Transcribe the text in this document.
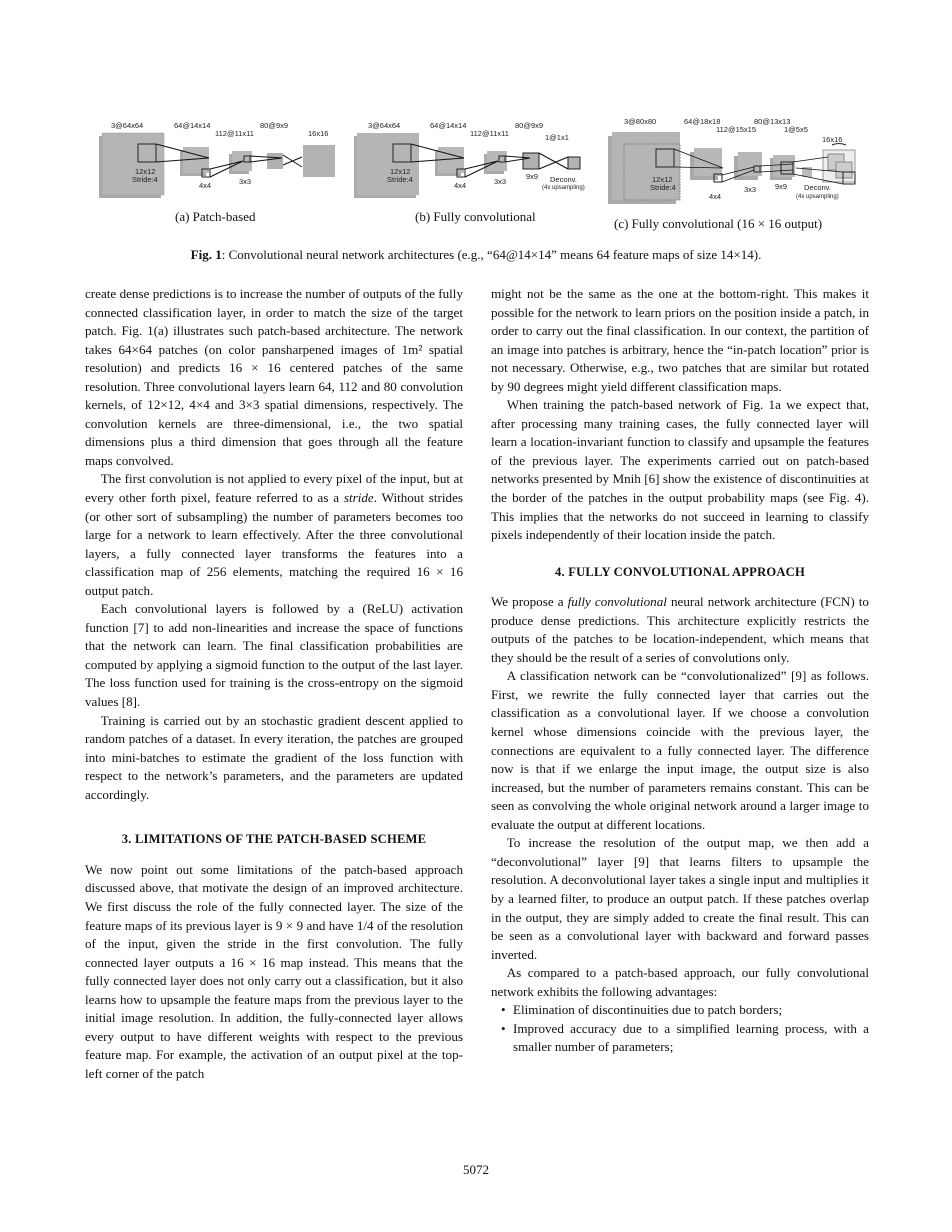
3@64x64	64@14x14
112@11x11
80@9x9
16x16
12x12
Stride:4
4x4	3x3
(a) Patch-based
3@64x64	64@14x14
112@11x11
80@9x9
1@1x1
12x12
Stride:4
4x4	3x3
9x9 Deconv.
(4x upsampling)
(b) Fully convolutional
3@80x80	64@18x18
112@15x15
80@13x13
1@5x5
16x16
12x12
Stride:4
4x4
3x3	9x9 Deconv.
(4x upsampling)
(c) Fully convolutional (16 × 16 output)
Fig. 1: Convolutional neural network architectures (e.g., “64@14×14” means 64 feature maps of size 14×14).

create dense predictions is to increase the number of outputs of the fully connected classification layer, in order to match the size of the target patch. Fig. 1(a) illustrates such patch-based architecture. The network takes 64×64 patches (on color pansharpened images of 1m² spatial resolution) and predicts 16 × 16 centered patches of the same resolution. Three convolutional layers learn 64, 112 and 80 convolution kernels, of 12×12, 4×4 and 3×3 spatial dimensions, respectively. The convolution kernels are three-dimensional, i.e., the two spatial dimensions plus a third dimension that goes through all the feature maps convolved.

The first convolution is not applied to every pixel of the input, but at every other forth pixel, feature referred to as a stride. Without strides (or other sort of subsampling) the number of parameters becomes too large for a network to learn effectively. After the three convolutional layers, a fully connected layer transforms the features into a classification map of 256 elements, matching the required 16 × 16 output patch.

Each convolutional layers is followed by a (ReLU) activation function [7] to add non-linearities and increase the space of functions that the network can learn. The final classification probabilities are computed by applying a sigmoid function to the output of the last layer. The loss function used for training is the cross-entropy on the sigmoid values [8].

Training is carried out by an stochastic gradient descent applied to random patches of a dataset. In every iteration, the patches are grouped into mini-batches to estimate the gradient of the loss function with respect to the network’s parameters, and the parameters are updated accordingly.

3. LIMITATIONS OF THE PATCH-BASED SCHEME

We now point out some limitations of the patch-based approach discussed above, that motivate the design of an improved architecture. We first discuss the role of the fully connected layer. The size of the feature maps of its previous layer is 9 × 9 and have 1/4 of the resolution of the input, given the stride in the first convolution. The fully connected layer outputs a 16 × 16 map instead. This means that the fully connected layer does not only carry out a classification, but it also learns how to upsample the feature maps from the previous layer to the initial image resolution. In addition, the fully-connected layer allows every output to have different weights with respect to the previous feature map. For example, the activation of an output pixel at the top-left corner of the patch

might not be the same as the one at the bottom-right. This makes it possible for the network to learn priors on the position inside a patch, in order to carry out the final classification. In our context, the partition of an image into patches is arbitrary, hence the “in-patch location” prior is not necessary. Otherwise, e.g., two patches that are similar but rotated by 90 degrees might yield different classification maps.

When training the patch-based network of Fig. 1a we expect that, after processing many training cases, the fully connected layer will learn a location-invariant function to classify and upsample the features of the previous layer. The experiments carried out on patch-based networks presented by Mnih [6] show the existence of discontinuities at the border of the patches in the output probability maps (see Fig. 4). This implies that the networks do not succeed in learning to classify pixels independently of their location inside the patch.

4. FULLY CONVOLUTIONAL APPROACH

We propose a fully convolutional neural network architecture (FCN) to produce dense predictions. This architecture explicitly restricts the outputs of the patches to be location-independent, which means that they should be the result of a series of convolutions only.

A classification network can be “convolutionalized” [9] as follows. First, we rewrite the fully connected layer that carries out the classification as a convolutional layer. If we choose a convolution kernel whose dimensions coincide with the previous layer, the connections are equivalent to a fully connected layer. The difference now is that if we enlarge the input image, the output size is also increased, but the number of parameters remains constant. This can be seen as convolving the whole original network around a larger image to evaluate the output at different locations.

To increase the resolution of the output map, we then add a “deconvolutional” layer [9] that learns filters to upsample the resolution. A deconvolutional layer takes a single input and multiplies it by a learned filter, to produce an output patch. If these patches overlap in the output, they are simply added to create the final result. This can be seen as a convolutional layer with backward and forward passes inverted.

As compared to a patch-based approach, our fully convolutional network exhibits the following advantages:

• Elimination of discontinuities due to patch borders;
• Improved accuracy due to a simplified learning process, with a smaller number of parameters;
5072
